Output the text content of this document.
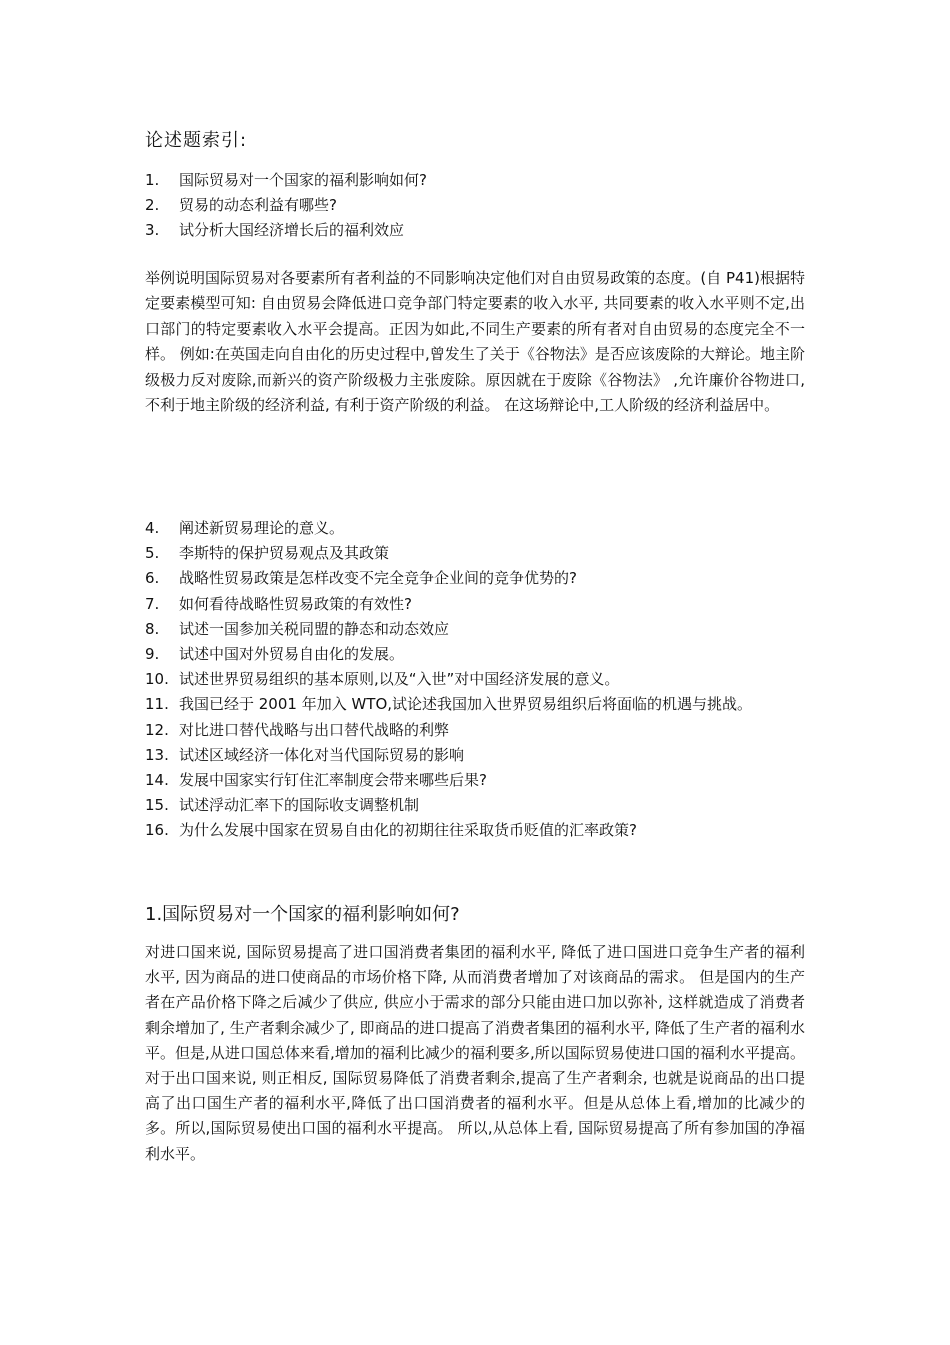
论述题索引:
1. 国际贸易对一个国家的福利影响如何?
2. 贸易的动态利益有哪些?
3. 试分析大国经济增长后的福利效应

举例说明国际贸易对各要素所有者利益的不同影响决定他们对自由贸易政策的态度。(自 P41)根据特定要素模型可知: 自由贸易会降低进口竞争部门特定要素的收入水平, 共同要素的收入水平则不定,出口部门的特定要素收入水平会提高。正因为如此,不同生产要素的所有者对自由贸易的态度完全不一样。 例如:在英国走向自由化的历史过程中,曾发生了关于《谷物法》是否应该废除的大辩论。地主阶级极力反对废除,而新兴的资产阶级极力主张废除。原因就在于废除《谷物法》 ,允许廉价谷物进口, 不利于地主阶级的经济利益, 有利于资产阶级的利益。 在这场辩论中,工人阶级的经济利益居中。

4. 阐述新贸易理论的意义。
5. 李斯特的保护贸易观点及其政策
6. 战略性贸易政策是怎样改变不完全竞争企业间的竞争优势的?
7. 如何看待战略性贸易政策的有效性?
8. 试述一国参加关税同盟的静态和动态效应
9. 试述中国对外贸易自由化的发展。
10. 试述世界贸易组织的基本原则,以及“入世”对中国经济发展的意义。
11. 我国已经于 2001 年加入 WTO,试论述我国加入世界贸易组织后将面临的机遇与挑战。
12. 对比进口替代战略与出口替代战略的利弊
13. 试述区域经济一体化对当代国际贸易的影响
14. 发展中国家实行钉住汇率制度会带来哪些后果?
15. 试述浮动汇率下的国际收支调整机制
16. 为什么发展中国家在贸易自由化的初期往往采取货币贬值的汇率政策?
1.国际贸易对一个国家的福利影响如何?

对进口国来说, 国际贸易提高了进口国消费者集团的福利水平, 降低了进口国进口竞争生产者的福利水平, 因为商品的进口使商品的市场价格下降, 从而消费者增加了对该商品的需求。 但是国内的生产者在产品价格下降之后减少了供应, 供应小于需求的部分只能由进口加以弥补, 这样就造成了消费者剩余增加了, 生产者剩余减少了, 即商品的进口提高了消费者集团的福利水平, 降低了生产者的福利水平。但是,从进口国总体来看,增加的福利比减少的福利要多,所以国际贸易使进口国的福利水平提高。 对于出口国来说, 则正相反, 国际贸易降低了消费者剩余,提高了生产者剩余, 也就是说商品的出口提高了出口国生产者的福利水平,降低了出口国消费者的福利水平。但是从总体上看,增加的比减少的多。所以,国际贸易使出口国的福利水平提高。 所以,从总体上看, 国际贸易提高了所有参加国的净福利水平。
